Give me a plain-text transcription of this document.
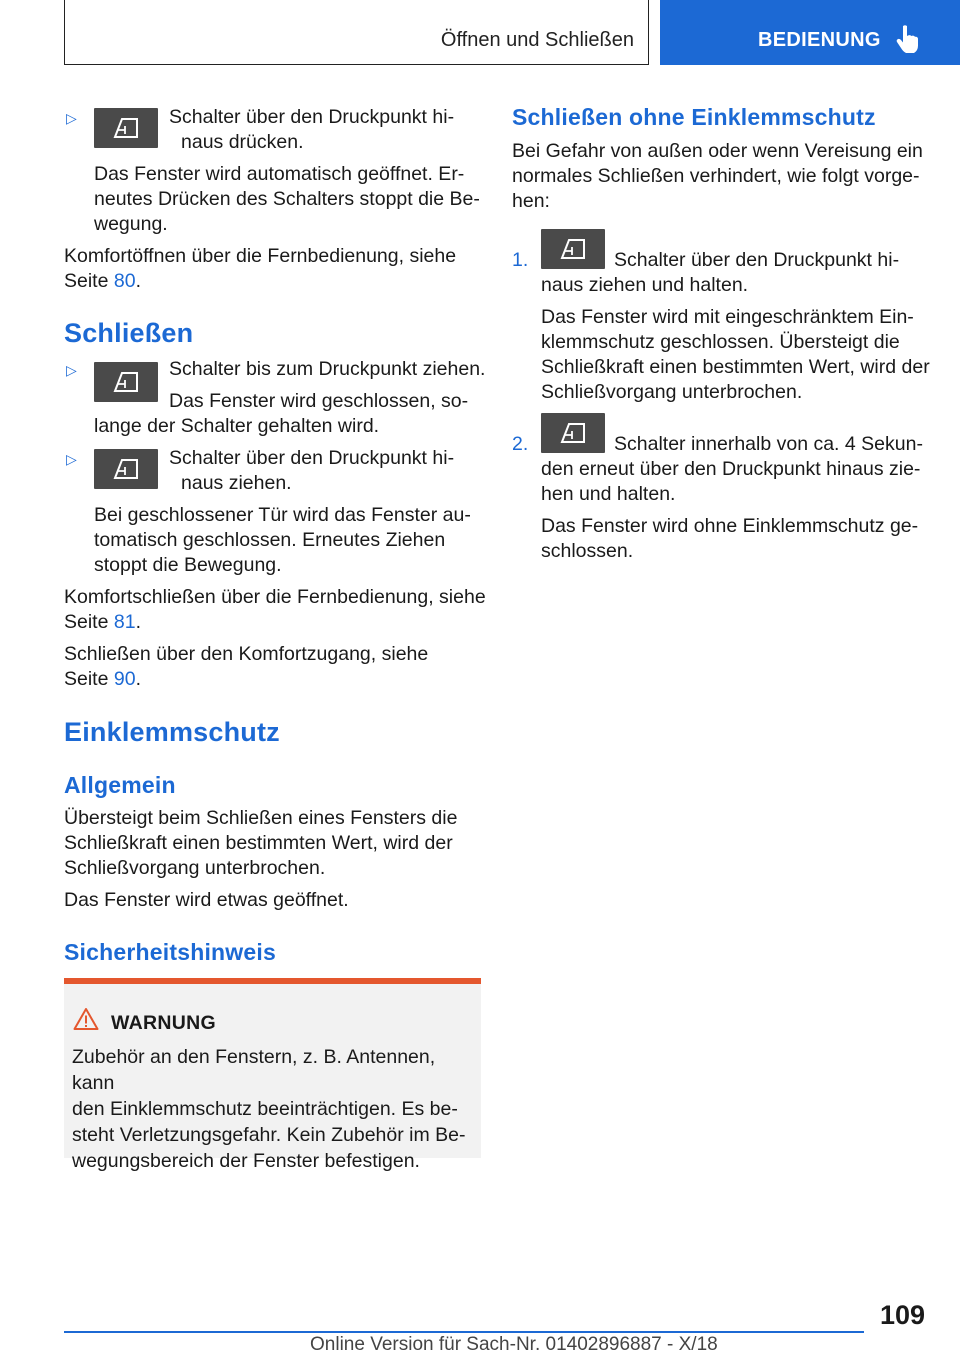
Öffnen und Schließen	BEDIENUNG
▷	Schalter über den Druckpunkt hi-
naus drücken.
Das Fenster wird automatisch geöffnet. Er-
neutes Drücken des Schalters stoppt die Be-
wegung.
Komfortöffnen über die Fernbedienung, siehe
Seite 80.
Schließen
▷	Schalter bis zum Druckpunkt ziehen.
Das Fenster wird geschlossen, so-
lange der Schalter gehalten wird.
▷	Schalter über den Druckpunkt hi-
naus ziehen.
Bei geschlossener Tür wird das Fenster au-
tomatisch geschlossen. Erneutes Ziehen
stoppt die Bewegung.
Komfortschließen über die Fernbedienung, siehe
Seite 81.
Schließen über den Komfortzugang, siehe
Seite 90.
Einklemmschutz
Allgemein
Übersteigt beim Schließen eines Fensters die
Schließkraft einen bestimmten Wert, wird der
Schließvorgang unterbrochen.
Das Fenster wird etwas geöffnet.
Sicherheitshinweis
WARNUNG
Zubehör an den Fenstern, z. B. Antennen, kann
den Einklemmschutz beeinträchtigen. Es be-
steht Verletzungsgefahr. Kein Zubehör im Be-
wegungsbereich der Fenster befestigen.
Schließen ohne Einklemmschutz
Bei Gefahr von außen oder wenn Vereisung ein
normales Schließen verhindert, wie folgt vorge-
hen:
1.	Schalter über den Druckpunkt hi-
naus ziehen und halten.
Das Fenster wird mit eingeschränktem Ein-
klemmschutz geschlossen. Übersteigt die
Schließkraft einen bestimmten Wert, wird der
Schließvorgang unterbrochen.
2.	Schalter innerhalb von ca. 4 Sekun-
den erneut über den Druckpunkt hinaus zie-
hen und halten.
Das Fenster wird ohne Einklemmschutz ge-
schlossen.
109
Online Version für Sach-Nr. 01402896887 - X/18
